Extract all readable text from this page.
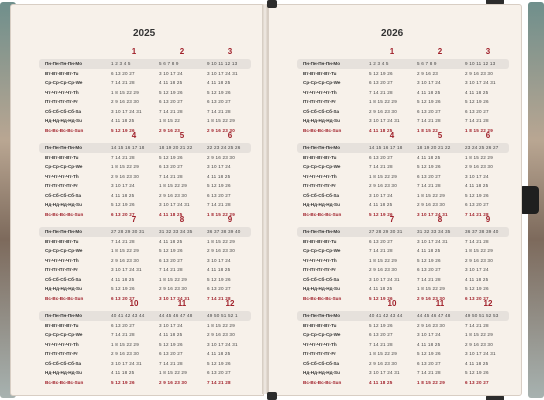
2025
1	2	3
Пн-Пн-Пн-Пн-Mo	1 2 3 4 5	5 6 7 8 9	9 10 11 12 13
Вт-Вт-Вт-Вт-Tu	6 13 20 27	3 10 17 24	3 10 17 24 31
Ср-Ср-Ср-Ср-We	7 14 21 28	4 11 18 25	4 11 18 25
Чт-Чт-Чт-Чт-Th	1 8 15 22 29	5 12 19 26	5 12 19 26
Пт-Пт-Пт-Пт-Fr	2 9 16 23 30	6 13 20 27	6 13 20 27
Сб-Сб-Сб-Сб-Sa	3 10 17 24 31	7 14 21 28	7 14 21 28
Нд-Нд-Нд-Нд-Su	4 11 18 25	1 8 15 22	1 8 15 22 29
Вс-Вс-Вс-Вс-Sun	5 12 19 26	2 9 16 23	2 9 16 23 30
4	5	6
Пн-Пн-Пн-Пн-Mo	14 15 16 17 18	18 19 20 21 22	22 23 24 25 26
Вт-Вт-Вт-Вт-Tu	7 14 21 28	5 12 19 26	2 9 16 23 30
Ср-Ср-Ср-Ср-We	1 8 15 22 29	6 13 20 27	3 10 17 24
Чт-Чт-Чт-Чт-Th	2 9 16 23 30	7 14 21 28	4 11 18 25
Пт-Пт-Пт-Пт-Fr	3 10 17 24	1 8 15 22 29	5 12 19 26
Сб-Сб-Сб-Сб-Sa	4 11 18 25	2 9 16 23 30	6 13 20 27
Нд-Нд-Нд-Нд-Su	5 12 19 26	3 10 17 24 31	7 14 21 28
Вс-Вс-Вс-Вс-Sun	6 13 20 27	4 11 18 25	1 8 15 22 29
7	8	9
Пн-Пн-Пн-Пн-Mo	27 28 29 30 31	31 32 33 34 35	36 37 38 39 40
Вт-Вт-Вт-Вт-Tu	7 14 21 28	4 11 18 25	1 8 15 22 29
Ср-Ср-Ср-Ср-We	1 8 15 22 29	5 12 19 26	2 9 16 23 30
Чт-Чт-Чт-Чт-Th	2 9 16 23 30	6 13 20 27	3 10 17 24
Пт-Пт-Пт-Пт-Fr	3 10 17 24 31	7 14 21 28	4 11 18 25
Сб-Сб-Сб-Сб-Sa	4 11 18 25	1 8 15 22 29	5 12 19 26
Нд-Нд-Нд-Нд-Su	5 12 19 26	2 9 16 23 30	6 13 20 27
Вс-Вс-Вс-Вс-Sun	6 13 20 27	3 10 17 24 31	7 14 21 28
10	11	12
Пн-Пн-Пн-Пн-Mo	40 41 42 43 44	44 45 46 47 48	49 50 51 52 1
Вт-Вт-Вт-Вт-Tu	6 13 20 27	3 10 17 24	1 8 15 22 29
Ср-Ср-Ср-Ср-We	7 14 21 28	4 11 18 25	2 9 16 23 30
Чт-Чт-Чт-Чт-Th	1 8 15 22 29	5 12 19 26	3 10 17 24 31
Пт-Пт-Пт-Пт-Fr	2 9 16 23 30	6 13 20 27	4 11 18 25
Сб-Сб-Сб-Сб-Sa	3 10 17 24 31	7 14 21 28	5 12 19 26
Нд-Нд-Нд-Нд-Su	4 11 18 25	1 8 15 22 29	6 13 20 27
Вс-Вс-Вс-Вс-Sun	5 12 19 26	2 9 16 23 30	7 14 21 28
2026
1	2	3
Пн-Пн-Пн-Пн-Mo	1 2 3 4 5	5 6 7 8 9	9 10 11 12 13
Вт-Вт-Вт-Вт-Tu	5 12 19 26	2 9 16 23	2 9 16 23 30
Ср-Ср-Ср-Ср-We	6 13 20 27	3 10 17 24	3 10 17 24 31
Чт-Чт-Чт-Чт-Th	7 14 21 28	4 11 18 25	4 11 18 25
Пт-Пт-Пт-Пт-Fr	1 8 15 22 29	5 12 19 26	5 12 19 26
Сб-Сб-Сб-Сб-Sa	2 9 16 23 30	6 13 20 27	6 13 20 27
Нд-Нд-Нд-Нд-Su	3 10 17 24 31	7 14 21 28	7 14 21 28
Вс-Вс-Вс-Вс-Sun	4 11 18 25	1 8 15 22	1 8 15 22 29
4	5	6
Пн-Пн-Пн-Пн-Mo	14 15 16 17 18	18 19 20 21 22	23 24 25 26 27
Вт-Вт-Вт-Вт-Tu	6 13 20 27	4 11 18 25	1 8 15 22 29
Ср-Ср-Ср-Ср-We	7 14 21 28	5 12 19 26	2 9 16 23 30
Чт-Чт-Чт-Чт-Th	1 8 15 22 29	6 13 20 27	3 10 17 24
Пт-Пт-Пт-Пт-Fr	2 9 16 23 30	7 14 21 28	4 11 18 25
Сб-Сб-Сб-Сб-Sa	3 10 17 24	1 8 15 22 29	5 12 19 26
Нд-Нд-Нд-Нд-Su	4 11 18 25	2 9 16 23 30	6 13 20 27
Вс-Вс-Вс-Вс-Sun	5 12 19 26	3 10 17 24 31	7 14 21 28
7	8	9
Пн-Пн-Пн-Пн-Mo	27 28 29 30 31	31 32 33 34 35	36 37 38 39 40
Вт-Вт-Вт-Вт-Tu	6 13 20 27	3 10 17 24 31	7 14 21 28
Ср-Ср-Ср-Ср-We	7 14 21 28	4 11 18 25	1 8 15 22 29
Чт-Чт-Чт-Чт-Th	1 8 15 22 29	5 12 19 26	2 9 16 23 30
Пт-Пт-Пт-Пт-Fr	2 9 16 23 30	6 13 20 27	3 10 17 24
Сб-Сб-Сб-Сб-Sa	3 10 17 24 31	7 14 21 28	4 11 18 25
Нд-Нд-Нд-Нд-Su	4 11 18 25	1 8 15 22 29	5 12 19 26
Вс-Вс-Вс-Вс-Sun	5 12 19 26	2 9 16 23 30	6 13 20 27
10	11	12
Пн-Пн-Пн-Пн-Mo	40 41 42 43 44	44 45 46 47 48	49 50 51 52 53
Вт-Вт-Вт-Вт-Tu	5 12 19 26	2 9 16 23 30	7 14 21 28
Ср-Ср-Ср-Ср-We	6 13 20 27	3 10 17 24	1 8 15 22 29
Чт-Чт-Чт-Чт-Th	7 14 21 28	4 11 18 25	2 9 16 23 30
Пт-Пт-Пт-Пт-Fr	1 8 15 22 29	5 12 19 26	3 10 17 24 31
Сб-Сб-Сб-Сб-Sa	2 9 16 23 30	6 13 20 27	4 11 18 25
Нд-Нд-Нд-Нд-Su	3 10 17 24 31	7 14 21 28	5 12 19 26
Вс-Вс-Вс-Вс-Sun	4 11 18 25	1 8 15 22 29	6 13 20 27
